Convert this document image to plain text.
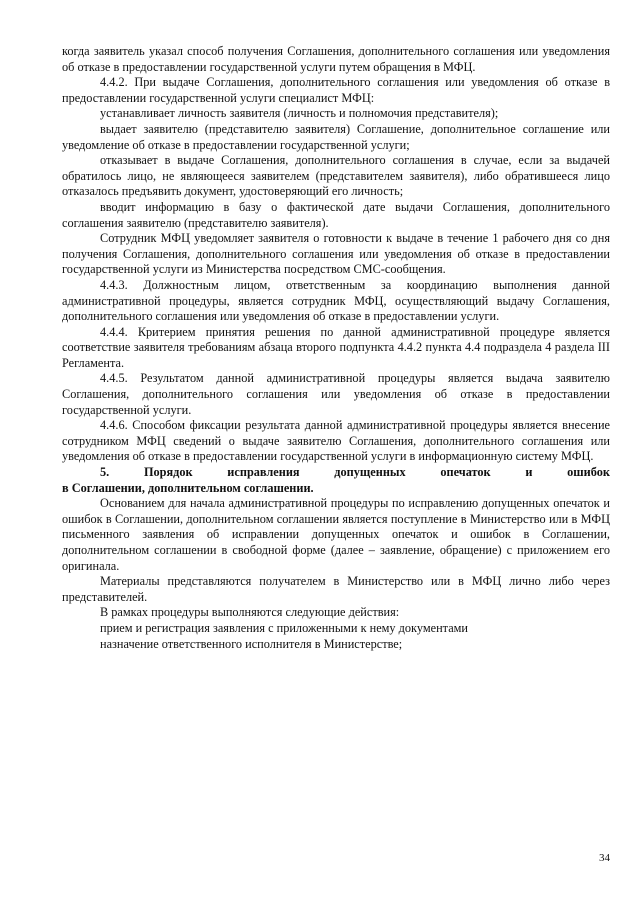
когда заявитель указал способ получения Соглашения, дополнительного соглашения или уведомления об отказе в предоставлении государственной услуги путем обращения в МФЦ.

4.4.2. При выдаче Соглашения, дополнительного соглашения или уведомления об отказе в предоставлении государственной услуги специалист МФЦ:

устанавливает личность заявителя (личность и полномочия представителя);

выдает заявителю (представителю заявителя) Соглашение, дополнительное соглашение или уведомление об отказе в предоставлении государственной услуги;

отказывает в выдаче Соглашения, дополнительного соглашения в случае, если за выдачей обратилось лицо, не являющееся заявителем (представителем заявителя), либо обратившееся лицо отказалось предъявить документ, удостоверяющий его личность;

вводит информацию в базу о фактической дате выдачи Соглашения, дополнительного соглашения заявителю (представителю заявителя).

Сотрудник МФЦ уведомляет заявителя о готовности к выдаче в течение 1 рабочего дня со дня получения Соглашения, дополнительного соглашения или уведомления об отказе в предоставлении государственной услуги из Министерства посредством СМС-сообщения.

4.4.3. Должностным лицом, ответственным за координацию выполнения данной административной процедуры, является сотрудник МФЦ, осуществляющий выдачу Соглашения, дополнительного соглашения или уведомления об отказе в предоставлении услуги.

4.4.4. Критерием принятия решения по данной административной процедуре является соответствие заявителя требованиям абзаца второго подпункта 4.4.2 пункта 4.4 подраздела 4 раздела III Регламента.

4.4.5. Результатом данной административной процедуры является выдача заявителю Соглашения, дополнительного соглашения или уведомления об отказе в предоставлении государственной услуги.

4.4.6. Способом фиксации результата данной административной процедуры является внесение сотрудником МФЦ сведений о выдаче заявителю Соглашения, дополнительного соглашения или уведомления об отказе в предоставлении государственной услуги в информационную систему МФЦ.

5. Порядок исправления допущенных опечаток и ошибок

в Соглашении, дополнительном соглашении.

Основанием для начала административной процедуры по исправлению допущенных опечаток и ошибок в Соглашении, дополнительном соглашении является поступление в Министерство или в МФЦ письменного заявления об исправлении допущенных опечаток и ошибок в Соглашении, дополнительном соглашении в свободной форме (далее – заявление, обращение) с приложением его оригинала.

Материалы представляются получателем в Министерство или в МФЦ лично либо через представителей.

В рамках процедуры выполняются следующие действия:

прием и регистрация заявления с приложенными к нему документами

назначение ответственного исполнителя в Министерстве;

34
